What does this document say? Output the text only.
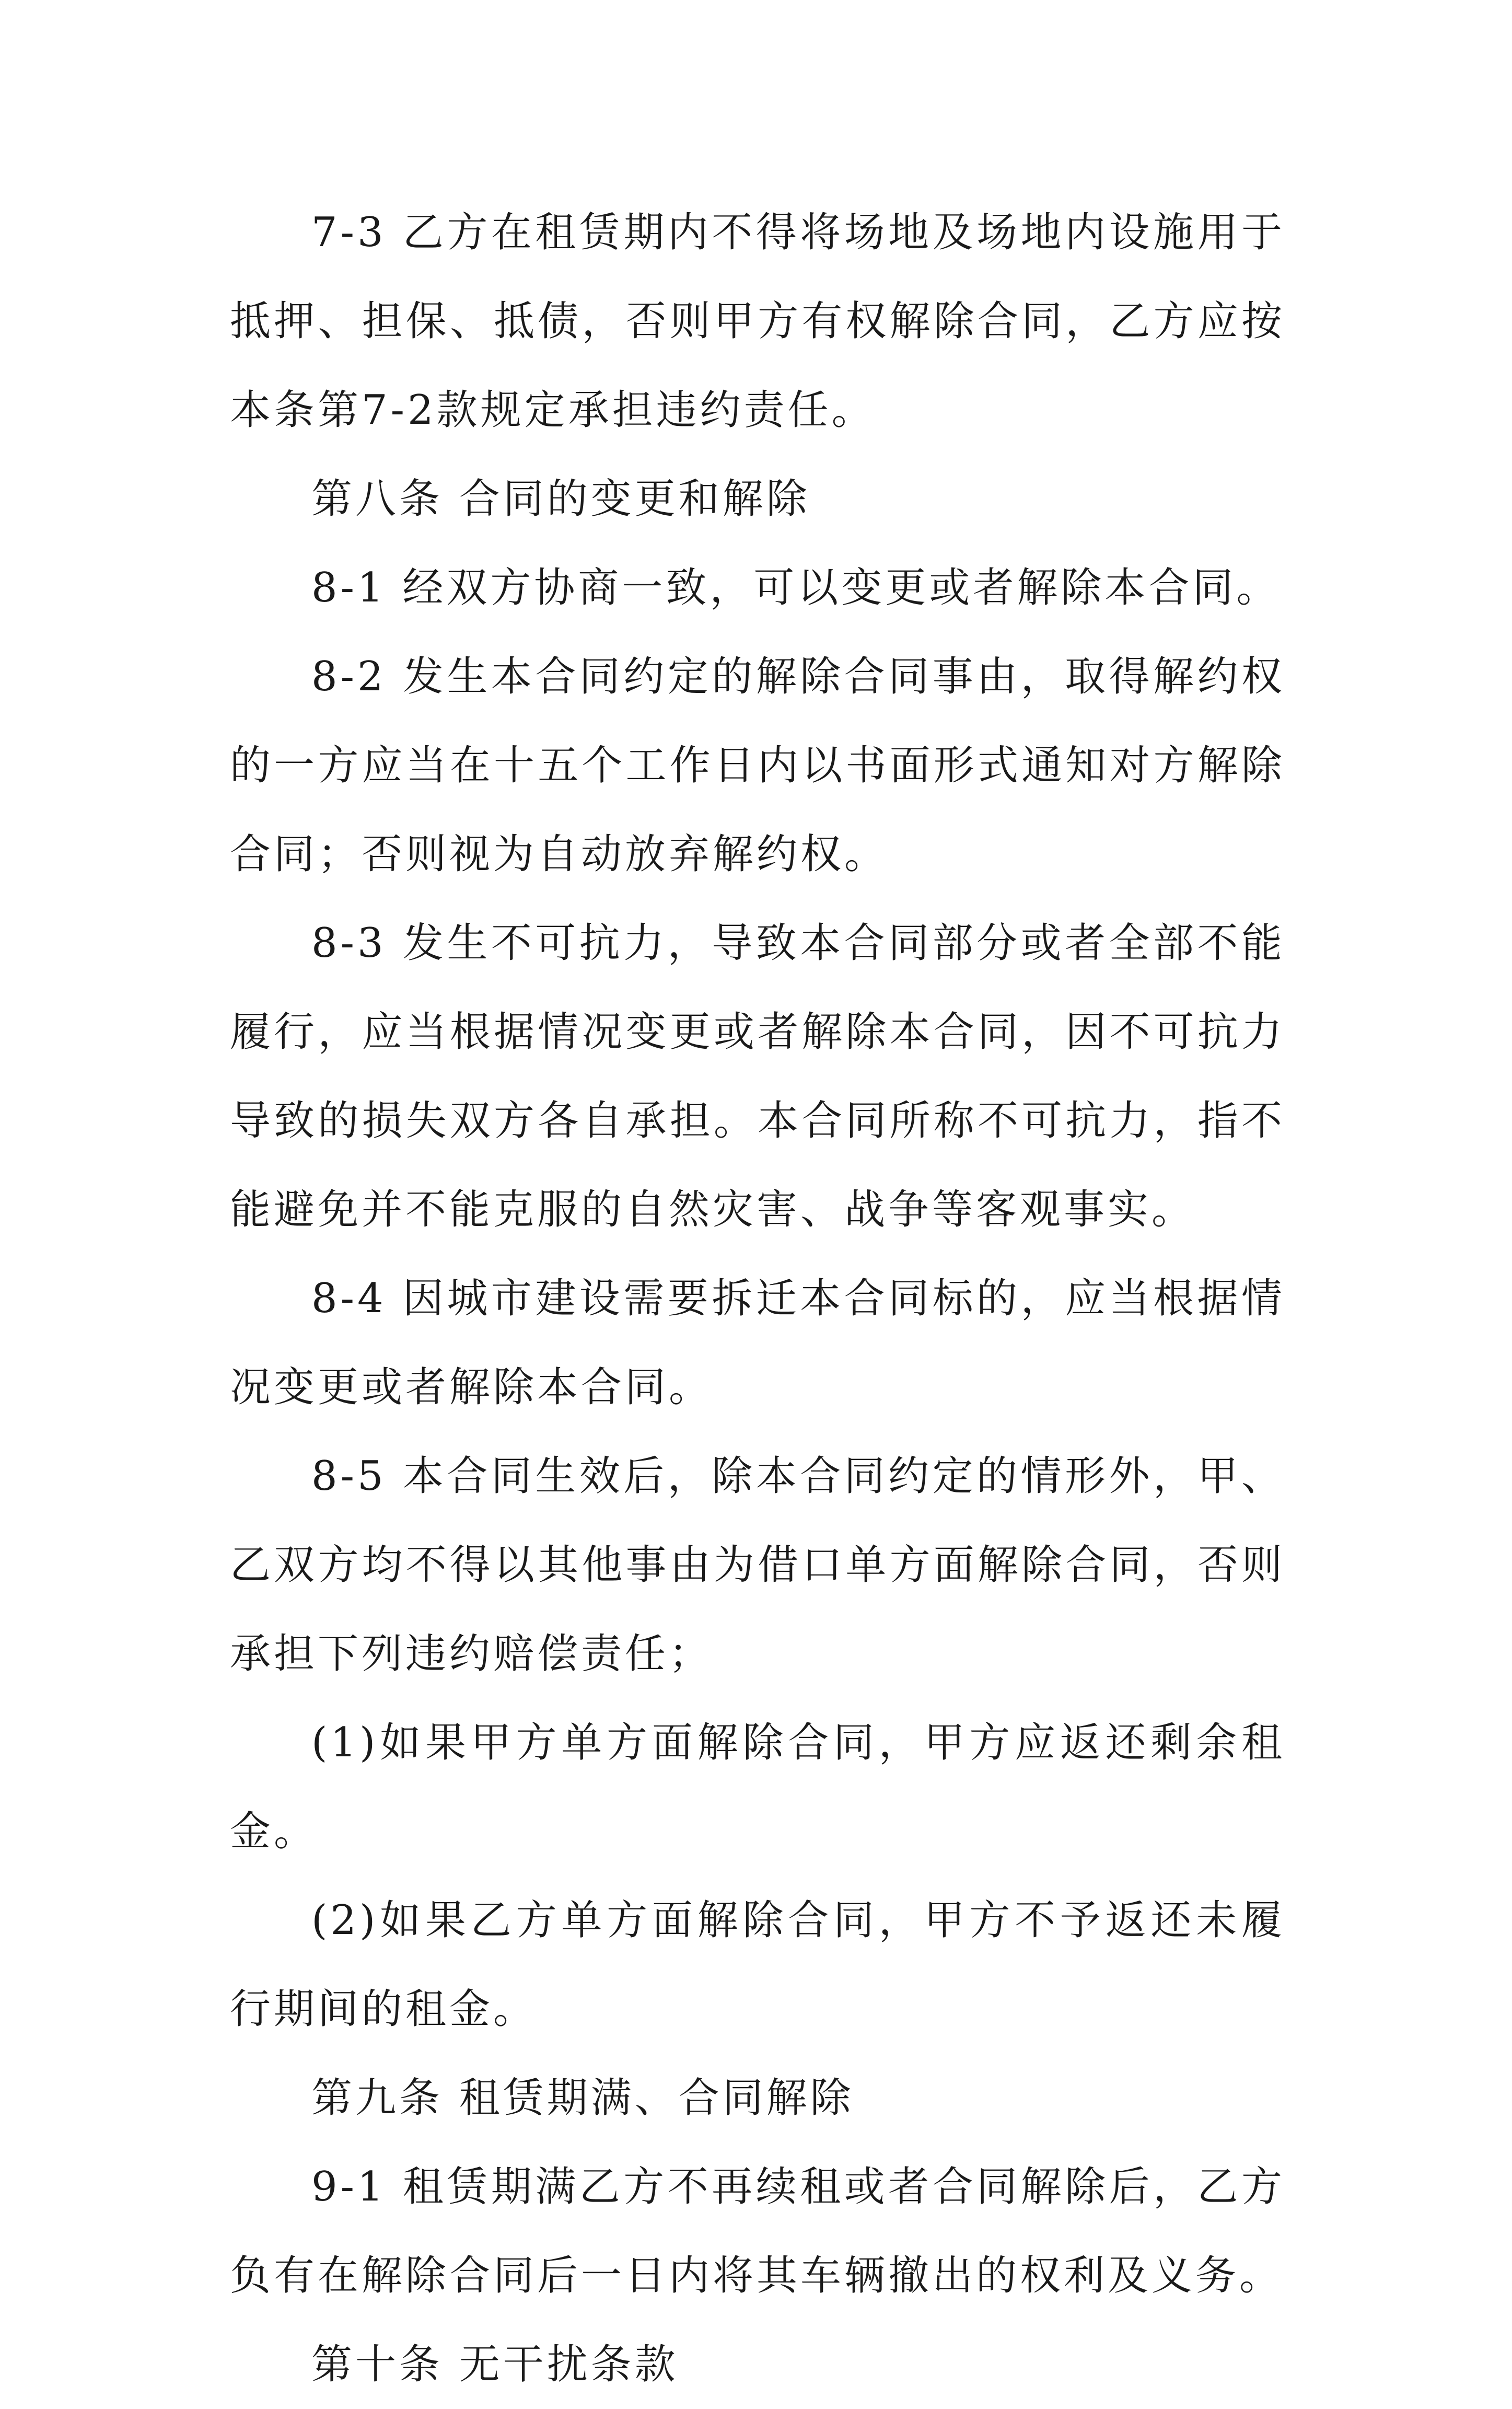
7-3 乙方在租赁期内不得将场地及场地内设施用于抵押、担保、抵债，否则甲方有权解除合同，乙方应按本条第7-2款规定承担违约责任。

第八条 合同的变更和解除

8-1 经双方协商一致，可以变更或者解除本合同。

8-2 发生本合同约定的解除合同事由，取得解约权的一方应当在十五个工作日内以书面形式通知对方解除合同；否则视为自动放弃解约权。

8-3 发生不可抗力，导致本合同部分或者全部不能履行，应当根据情况变更或者解除本合同，因不可抗力导致的损失双方各自承担。本合同所称不可抗力，指不能避免并不能克服的自然灾害、战争等客观事实。

8-4 因城市建设需要拆迁本合同标的，应当根据情况变更或者解除本合同。

8-5 本合同生效后，除本合同约定的情形外，甲、乙双方均不得以其他事由为借口单方面解除合同，否则承担下列违约赔偿责任；

(1)如果甲方单方面解除合同，甲方应返还剩余租金。

(2)如果乙方单方面解除合同，甲方不予返还未履行期间的租金。

第九条 租赁期满、合同解除

9-1 租赁期满乙方不再续租或者合同解除后，乙方负有在解除合同后一日内将其车辆撤出的权利及义务。

第十条 无干扰条款
